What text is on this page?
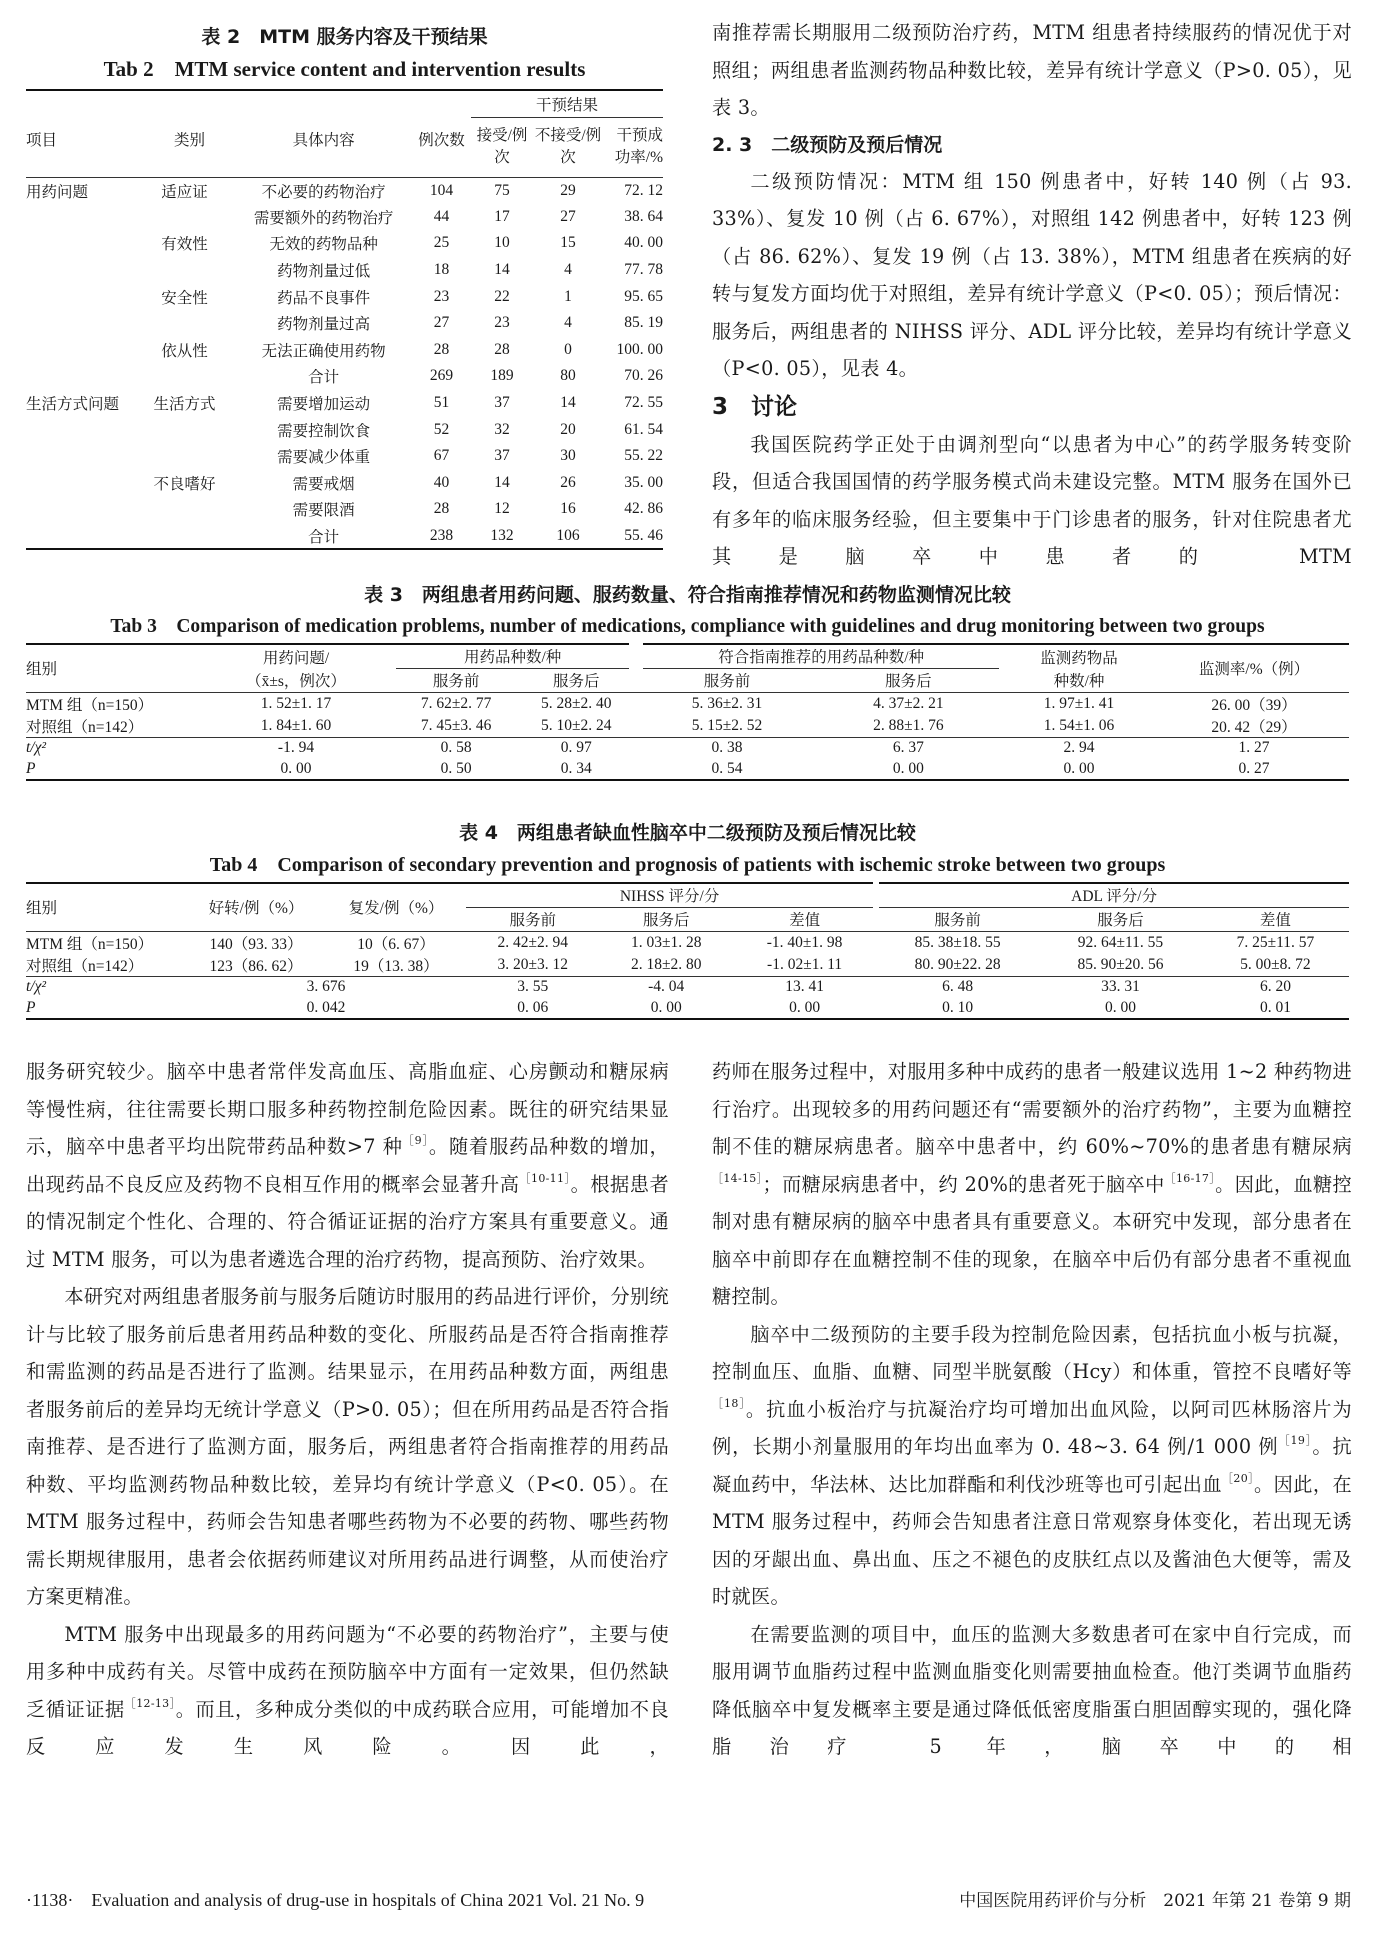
表 2　MTM 服务内容及干预结果
Tab 2　MTM service content and intervention results
项目	类别	具体内容	例次数	干预结果		
				接受/例次	不接受/例次	干预成功率/%
用药问题	适应证	不必要的药物治疗	104	75	29	72. 12
		需要额外的药物治疗	44	17	27	38. 64
	有效性	无效的药物品种	25	10	15	40. 00
		药物剂量过低	18	14	4	77. 78
	安全性	药品不良事件	23	22	1	95. 65
		药物剂量过高	27	23	4	85. 19
	依从性	无法正确使用药物	28	28	0	100. 00
		合计	269	189	80	70. 26
生活方式问题	生活方式	需要增加运动	51	37	14	72. 55
		需要控制饮食	52	32	20	61. 54
		需要减少体重	67	37	30	55. 22
	不良嗜好	需要戒烟	40	14	26	35. 00
		需要限酒	28	12	16	42. 86
		合计	238	132	106	55. 46

南推荐需长期服用二级预防治疗药，MTM 组患者持续服药的情况优于对照组；两组患者监测药物品种数比较，差异有统计学意义（P>0. 05），见表 3。

2. 3　二级预防及预后情况

二级预防情况：MTM 组 150 例患者中，好转 140 例（占 93. 33%）、复发 10 例（占 6. 67%），对照组 142 例患者中，好转 123 例（占 86. 62%）、复发 19 例（占 13. 38%），MTM 组患者在疾病的好转与复发方面均优于对照组，差异有统计学意义（P<0. 05）；预后情况：服务后，两组患者的 NIHSS 评分、ADL 评分比较，差异均有统计学意义（P<0. 05），见表 4。

3　讨论

我国医院药学正处于由调剂型向“以患者为中心”的药学服务转变阶段，但适合我国国情的药学服务模式尚未建设完整。MTM 服务在国外已有多年的临床服务经验，但主要集中于门诊患者的服务，针对住院患者尤其是脑卒中患者的 MTM

表 3　两组患者用药问题、服药数量、符合指南推荐情况和药物监测情况比较
Tab 3　Comparison of medication problems, number of medications, compliance with guidelines and drug monitoring between two groups
组别	用药问题/	用药品种数/种		符合指南推荐的用药品种数/种		监测药物品	监测率/%（例）
	（x̄±s，例次）	服务前	服务后	服务前	服务后	种数/种	
MTM 组（n=150）	1. 52±1. 17	7. 62±2. 77	5. 28±2. 40	5. 36±2. 31	4. 37±2. 21	1. 97±1. 41	26. 00（39）
对照组（n=142）	1. 84±1. 60	7. 45±3. 46	5. 10±2. 24	5. 15±2. 52	2. 88±1. 76	1. 54±1. 06	20. 42（29）
t/χ²	-1. 94	0. 58	0. 97	0. 38	6. 37	2. 94	1. 27
P	0. 00	0. 50	0. 34	0. 54	0. 00	0. 00	0. 27
表 4　两组患者缺血性脑卒中二级预防及预后情况比较
Tab 4　Comparison of secondary prevention and prognosis of patients with ischemic stroke between two groups
组别	好转/例（%）	复发/例（%）	NIHSS 评分/分			ADL 评分/分		
			服务前	服务后	差值	服务前	服务后	差值
MTM 组（n=150）	140（93. 33）	10（6. 67）	2. 42±2. 94	1. 03±1. 28	-1. 40±1. 98	85. 38±18. 55	92. 64±11. 55	7. 25±11. 57
对照组（n=142）	123（86. 62）	19（13. 38）	3. 20±3. 12	2. 18±2. 80	-1. 02±1. 11	80. 90±22. 28	85. 90±20. 56	5. 00±8. 72
t/χ²	3. 676		3. 55	-4. 04	13. 41	6. 48	33. 31	6. 20
P	0. 042		0. 06	0. 00	0. 00	0. 10	0. 00	0. 01

服务研究较少。脑卒中患者常伴发高血压、高脂血症、心房颤动和糖尿病等慢性病，往往需要长期口服多种药物控制危险因素。既往的研究结果显示，脑卒中患者平均出院带药品种数>7 种$^{[9]}$。随着服药品种数的增加，出现药品不良反应及药物不良相互作用的概率会显著升高$^{[10-11]}$。根据患者的情况制定个性化、合理的、符合循证证据的治疗方案具有重要意义。通过 MTM 服务，可以为患者遴选合理的治疗药物，提高预防、治疗效果。

本研究对两组患者服务前与服务后随访时服用的药品进行评价，分别统计与比较了服务前后患者用药品种数的变化、所服药品是否符合指南推荐和需监测的药品是否进行了监测。结果显示，在用药品种数方面，两组患者服务前后的差异均无统计学意义（P>0. 05）；但在所用药品是否符合指南推荐、是否进行了监测方面，服务后，两组患者符合指南推荐的用药品种数、平均监测药物品种数比较，差异均有统计学意义（P<0. 05）。在 MTM 服务过程中，药师会告知患者哪些药物为不必要的药物、哪些药物需长期规律服用，患者会依据药师建议对所用药品进行调整，从而使治疗方案更精准。

MTM 服务中出现最多的用药问题为“不必要的药物治疗”，主要与使用多种中成药有关。尽管中成药在预防脑卒中方面有一定效果，但仍然缺乏循证证据$^{[12-13]}$。而且，多种成分类似的中成药联合应用，可能增加不良反应发生风险。因此，

药师在服务过程中，对服用多种中成药的患者一般建议选用 1~2 种药物进行治疗。出现较多的用药问题还有“需要额外的治疗药物”，主要为血糖控制不佳的糖尿病患者。脑卒中患者中，约 60%~70%的患者患有糖尿病$^{[14-15]}$；而糖尿病患者中，约 20%的患者死于脑卒中$^{[16-17]}$。因此，血糖控制对患有糖尿病的脑卒中患者具有重要意义。本研究中发现，部分患者在脑卒中前即存在血糖控制不佳的现象，在脑卒中后仍有部分患者不重视血糖控制。

脑卒中二级预防的主要手段为控制危险因素，包括抗血小板与抗凝，控制血压、血脂、血糖、同型半胱氨酸（Hcy）和体重，管控不良嗜好等$^{[18]}$。抗血小板治疗与抗凝治疗均可增加出血风险，以阿司匹林肠溶片为例，长期小剂量服用的年均出血率为 0. 48~3. 64 例/1 000 例$^{[19]}$。抗凝血药中，华法林、达比加群酯和利伐沙班等也可引起出血$^{[20]}$。因此，在 MTM 服务过程中，药师会告知患者注意日常观察身体变化，若出现无诱因的牙龈出血、鼻出血、压之不褪色的皮肤红点以及酱油色大便等，需及时就医。

在需要监测的项目中，血压的监测大多数患者可在家中自行完成，而服用调节血脂药过程中监测血脂变化则需要抽血检查。他汀类调节血脂药降低脑卒中复发概率主要是通过降低低密度脂蛋白胆固醇实现的，强化降脂治疗 5 年，脑卒中的相

·1138·　Evaluation and analysis of drug-use in hospitals of China 2021 Vol. 21 No. 9	中国医院用药评价与分析　2021 年第 21 卷第 9 期
